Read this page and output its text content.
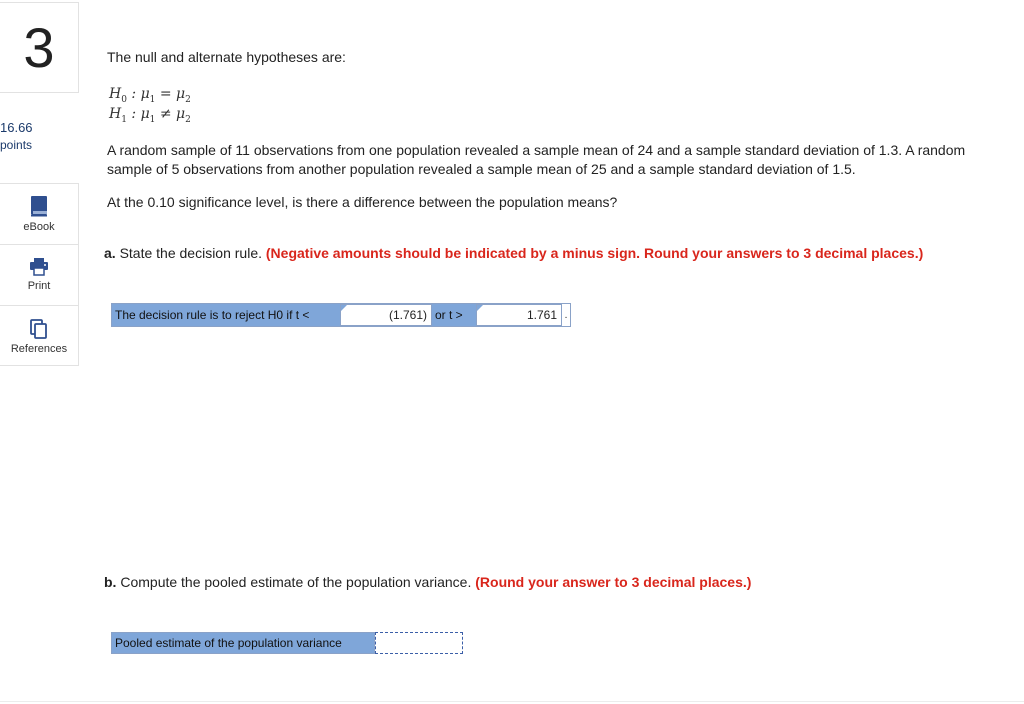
3
16.66
points
eBook
Print
References
The null and alternate hypotheses are:
$H_0$ : $\mu_1 = \mu_2$
$H_1$ : $\mu_1 \ne \mu_2$
A random sample of 11 observations from one population revealed a sample mean of 24 and a sample standard deviation of 1.3. A random sample of 5 observations from another population revealed a sample mean of 25 and a sample standard deviation of 1.5.
At the 0.10 significance level, is there a difference between the population means?
a. State the decision rule. (Negative amounts should be indicated by a minus sign. Round your answers to 3 decimal places.)
b. Compute the pooled estimate of the population variance. (Round your answer to 3 decimal places.)
The decision rule is to reject H0 if t <	(1.761) or t >	1.761 .
Pooled estimate of the population variance
